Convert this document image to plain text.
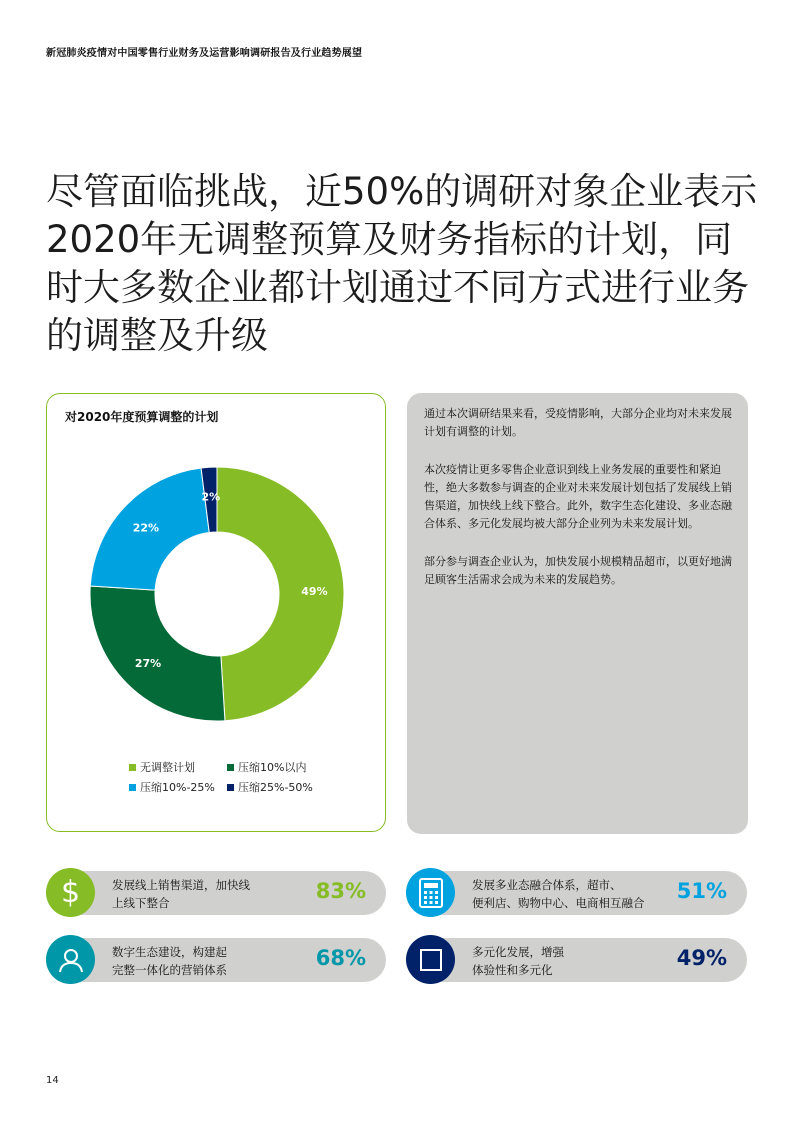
新冠肺炎疫情对中国零售行业财务及运营影响调研报告及行业趋势展望
尽管面临挑战，近50%的调研对象企业表示2020年无调整预算及财务指标的计划，同时大多数企业都计划通过不同方式进行业务的调整及升级
对2020年度预算调整的计划
49%
27%
22%
2%
无调整计划	压缩10%以内
压缩10%-25% 压缩25%-50%

通过本次调研结果来看，受疫情影响，大部分企业均对未来发展计划有调整的计划。

本次疫情让更多零售企业意识到线上业务发展的重要性和紧迫性，绝大多数参与调查的企业对未来发展计划包括了发展线上销售渠道，加快线上线下整合。此外，数字生态化建设、多业态融合体系、多元化发展均被大部分企业列为未来发展计划。

部分参与调查企业认为，加快发展小规模精品超市，以更好地满足顾客生活需求会成为未来的发展趋势。

$	发展线上销售渠道，加快线
上线下整合	83%	发展多业态融合体系，超市、
便利店、购物中心、电商相互融合 51%
数字生态建设，构建起
完整一体化的营销体系	68%	多元化发展，增强
体验性和多元化	49%
14
